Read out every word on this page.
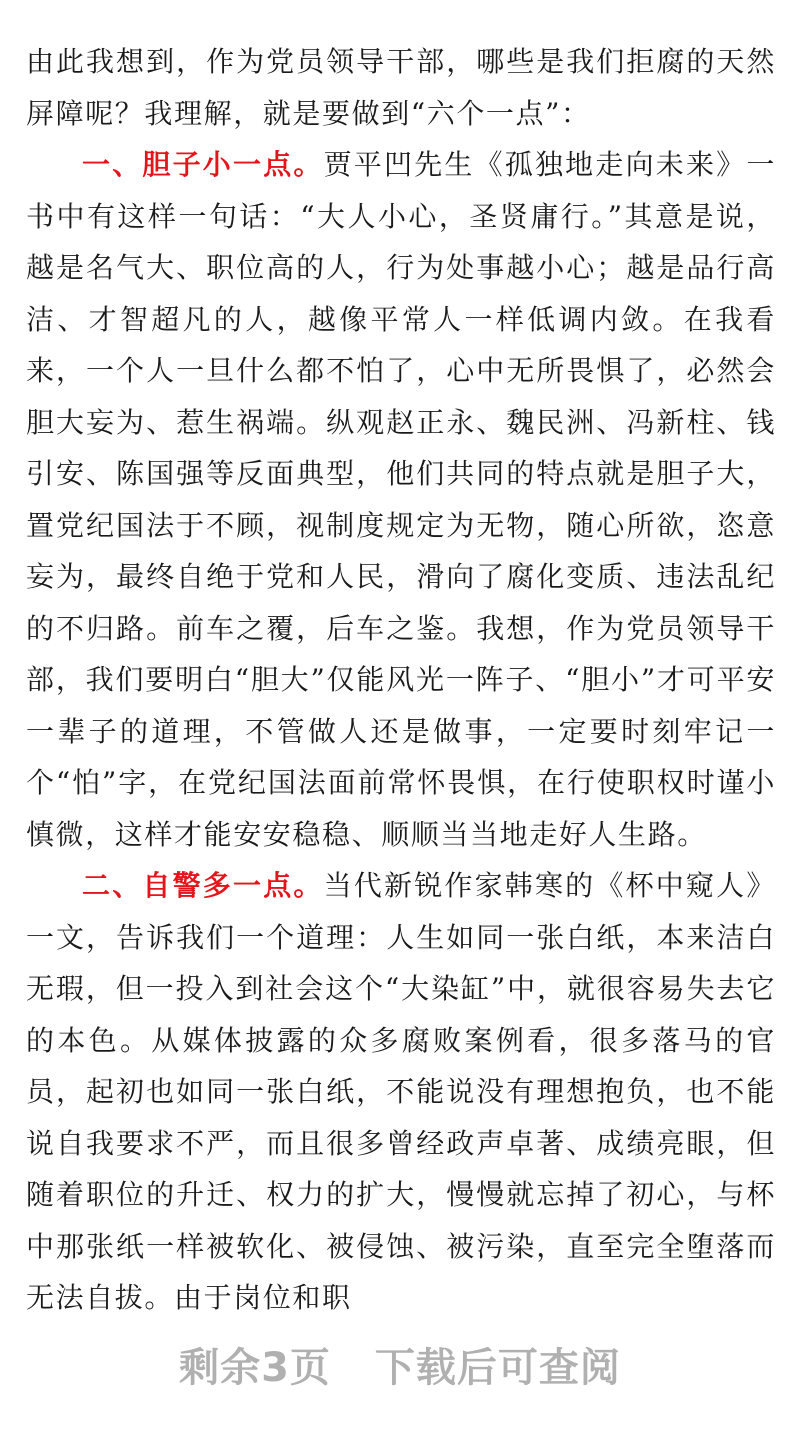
由此我想到，作为党员领导干部，哪些是我们拒腐的天然屏障呢？我理解，就是要做到“六个一点”：

一、胆子小一点。贾平凹先生《孤独地走向未来》一书中有这样一句话：“大人小心，圣贤庸行。”其意是说，越是名气大、职位高的人，行为处事越小心；越是品行高洁、才智超凡的人，越像平常人一样低调内敛。在我看来，一个人一旦什么都不怕了，心中无所畏惧了，必然会胆大妄为、惹生祸端。纵观赵正永、魏民洲、冯新柱、钱引安、陈国强等反面典型，他们共同的特点就是胆子大，置党纪国法于不顾，视制度规定为无物，随心所欲，恣意妄为，最终自绝于党和人民，滑向了腐化变质、违法乱纪的不归路。前车之覆，后车之鉴。我想，作为党员领导干部，我们要明白“胆大”仅能风光一阵子、“胆小”才可平安一辈子的道理，不管做人还是做事，一定要时刻牢记一个“怕”字，在党纪国法面前常怀畏惧，在行使职权时谨小慎微，这样才能安安稳稳、顺顺当当地走好人生路。

二、自警多一点。当代新锐作家韩寒的《杯中窥人》一文，告诉我们一个道理：人生如同一张白纸，本来洁白无瑕，但一投入到社会这个“大染缸”中，就很容易失去它的本色。从媒体披露的众多腐败案例看，很多落马的官员，起初也如同一张白纸，不能说没有理想抱负，也不能说自我要求不严，而且很多曾经政声卓著、成绩亮眼，但随着职位的升迁、权力的扩大，慢慢就忘掉了初心，与杯中那张纸一样被软化、被侵蚀、被污染，直至完全堕落而无法自拔。由于岗位和职

剩余3页 下载后可查阅
